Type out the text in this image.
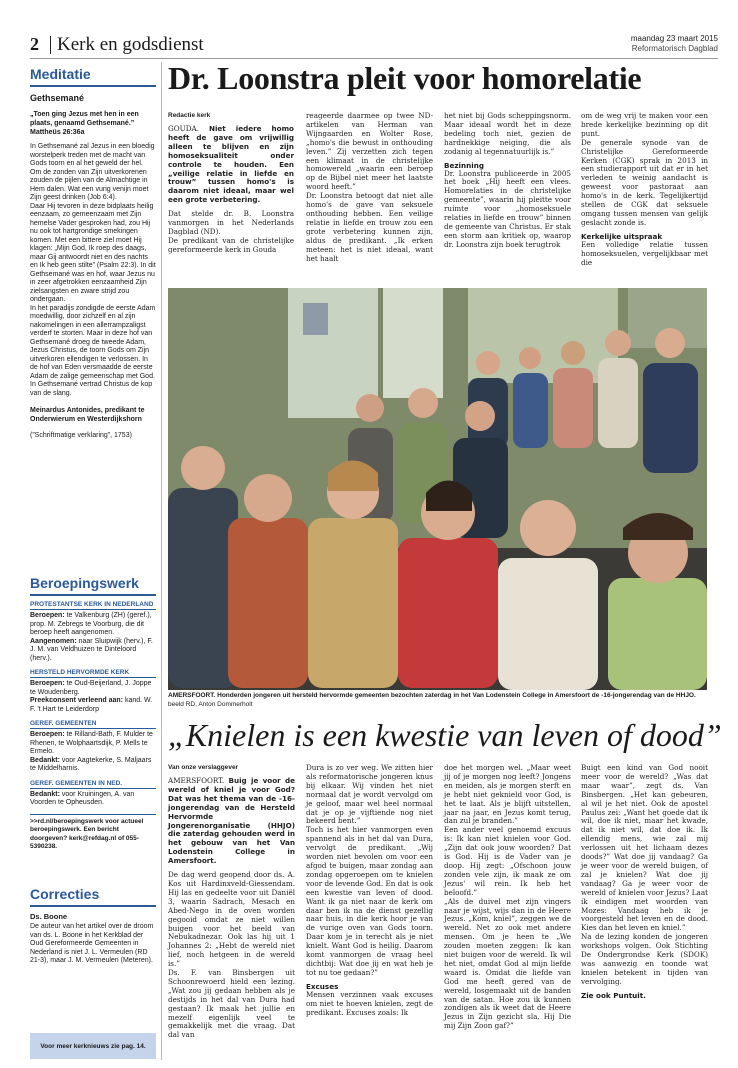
2 Kerk en godsdienst	maandag 23 maart 2015
Reformatorisch Dagblad
Meditatie
Gethsemané
„Toen ging Jezus met hen in een plaats, genaamd Gethsemané.” Mattheüs 26:36a

In Gethsemané zal Jezus in een bloedig worstelperk treden met de macht van Gods toorn en al het geweld der hel. Om de zonden van Zijn uitverkorenen zouden de pijlen van de Almachtige in Hem dalen. Wat een vurig venijn moet Zijn geest drinken (Job 6:4).

Daar Hij tevoren in deze bidplaats heilig eenzaam, zo gemeenzaam met Zijn hemelse Vader gesproken had, zou Hij nu ook tot hartgrondige smekingen komen. Met een bittere ziel moet Hij klagen: „Mijn God, Ik roep des daags, maar Gij antwoordt niet en des nachts en Ik heb geen stilte” (Psalm 22:3). In dit Gethsemané was en hof, waar Jezus nu in zeer afgetrokken eenzaamheid Zijn zielsangsten en zware strijd zou ondergaan.

In het paradijs zondigde de eerste Adam moedwillig, door zichzelf en al zijn nakomelingen in een allerrampzaligst verderf te storten. Maar in deze hof van Gethsemané droeg de tweede Adam, Jezus Christus, de toorn Gods om Zijn uitverkoren ellendigen te verlossen. In de hof van Eden versmaadde de eerste Adam de zalige gemeenschap met God. In Gethsemané vertrad Christus de kop van de slang.

Meinardus Antonides, predikant te Onderwierum en Westerdijkshorn
(”Schriftmatige verklaring”, 1753)
Beroepingswerk
PROTESTANTSE KERK IN NEDERLAND
Beroepen: te Valkenburg (ZH) (geref.), prop. M. Zebregs te Voorburg, die dit beroep heeft aangenomen.
Aangenomen: naar Sluipwijk (herv.), F. J. M. van Veldhuizen te Dinteloord (herv.).
HERSTELD HERVORMDE KERK
Beroepen: te Oud-Beijerland, J. Joppe te Woudenberg.
Preekconsent verleend aan: kand. W. F. 't Hart te Leiderdorp
GEREF. GEMEENTEN
Beroepen: te Rilland-Bath, F. Mulder te Rhenen, te Wolphaartsdijk, P. Mells te Ermelo.
Bedankt: voor Aagtekerke, S. Maljaars te Middelharnis.
GEREF. GEMEENTEN IN NED.
Bedankt: voor Kruiningen, A. van Voorden te Opheusden.
>>rd.nl/beroepingswerk voor actueel beroepingswerk. Een bericht doorgeven? kerk@refdag.nl of 055-5390238.
Correcties
Ds. Boone
De auteur van het artikel over de droom van ds. L. Boone in het Kerkblad der Oud Gereformeerde Gemeenten in Nederland is niet J. L. Vermeulen (RD 21-3), maar J. M. Vermeulen (Meteren).
Voor meer kerknieuws zie pag. 14.
Dr. Loonstra pleit voor homorelatie
Redactie kerk
GOUDA. Niet iedere homo heeft de gave om vrijwillig alleen te blijven en zijn homoseksualiteit onder controle te houden. Een „veilige relatie in liefde en trouw” tussen homo's is daarom niet ideaal, maar wel een grote verbetering.

Dat stelde dr. B. Loonstra vanmorgen in het Nederlands Dagblad (ND).

De predikant van de christelijke gereformeerde kerk in Gouda

reageerde daarmee op twee ND-artikelen van Herman van Wijngaarden en Wolter Rose, „homo's die bewust in onthouding leven.” Zij verzetten zich tegen een klimaat in de christelijke homowereld „waarin een beroep op de Bijbel niet meer het laatste woord heeft.”

Dr. Loonstra betoogt dat niet alle homo's de gave van seksuele onthouding hebben. Een veilige relatie in liefde en trouw zou een grote verbetering kunnen zijn, aldus de predikant. „Ik erken meteen: het is niet ideaal, want het haalt

het niet bij Gods scheppingsnorm. Maar ideaal wordt het in deze bedeling toch niet, gezien de hardnekkige neiging, die als zodanig al tegennatuurlijk is.”

Bezinning

Dr. Loonstra publiceerde in 2005 het boek „Hij heeft een vlees. Homorelaties in de christelijke gemeente”, waarin hij pleitte voor ruimte voor „homoseksuele relaties in liefde en trouw” binnen de gemeente van Christus. Er stak een storm aan kritiek op, waarop dr. Loonstra zijn boek terugtrok

om de weg vrij te maken voor een brede kerkelijke bezinning op dit punt.

De generale synode van de Christelijke Gereformeerde Kerken (CGK) sprak in 2013 in een studierapport uit dat er in het verleden te weinig aandacht is geweest voor pastoraat aan homo's in de kerk. Tegelijkertijd stellen de CGK dat seksuele omgang tussen mensen van gelijk geslacht zonde is.

Kerkelijke uitspraak

Een volledige relatie tussen homoseksuelen, vergelijkbaar met die

AMERSFOORT. Honderden jongeren uit hersteld hervormde gemeenten bezochten zaterdag in het Van Lodenstein College in Amersfoort de -16-jongerendag van de HHJO. beeld RD, Anton Dommerholt
„Knielen is een kwestie van leven of dood”
Van onze verslaggever
AMERSFOORT. Buig je voor de wereld of kniel je voor God? Dat was het thema van de -16-jongerendag van de Hersteld Hervormde Jongerenorganisatie (HHJO) die zaterdag gehouden werd in het gebouw van het Van Lodenstein College in Amersfoort.

De dag werd geopend door ds. A. Kos uit Hardinxveld-Giessendam. Hij las en gedeelte voor uit Daniël 3, waarin Sadrach, Mesach en Abed-Nego in de oven worden gegooid omdat ze niet willen buigen voor het beeld van Nebukadnezar. Ook las hij uit 1 Johannes 2: „Hebt de wereld niet lief, noch hetgeen in de wereld is.”

Ds. F. van Binsbergen uit Schoonrewoerd hield een lezing. „Wat zou jij gedaan hebben als je destijds in het dal van Dura had gestaan? Ik maak het jullie en mezelf eigenlijk veel te gemakkelijk met die vraag. Dat dal van

Dura is zo ver weg. We zitten hier als reformatorische jongeren knus bij elkaar. Wij vinden het niet normaal dat je wordt vervolgd om je geloof, maar wel heel normaal dat je op je vijftiende nog niet bekeerd bent.”

Toch is het hier vanmorgen even spannend als in het dal van Dura, vervolgt de predikant. „Wij worden niet bevolen om voor een afgod te buigen, maar zondag aan zondag opgeroepen om te knielen voor de levende God. En dat is ook een kwestie van leven of dood. Want ik ga niet naar de kerk om daar ben ik na de dienst gezellig naar huis, in die kerk hoor je van de vurige oven van Gods toorn. Daar kom je in terecht als je niet knielt. Want God is heilig. Daarom komt vanmorgen de vraag heel dichtbij: Wat doe jij en wat heb je tot nu toe gedaan?”

Excuses

Mensen verzinnen vaak excuses om niet te hoeven knielen, zegt de predikant. Excuses zoals: Ik

doe het morgen wel. „Maar weet jij of je morgen nog leeft? Jongens en meiden, als je morgen sterft en je hebt niet geknield voor God, is het te laat. Als je blijft uitstellen, jaar na jaar, en Jezus komt terug, dan zul je branden.”

Een ander veel genoemd excuus is: Ik kan niet knielen voor God. „Zijn dat ook jouw woorden? Dat is God. Hij is de Vader van je doop. Hij zegt: „Ofschoon jouw zonden vele zijn, ik maak ze om Jezus' wil rein. Ik heb het beloofd.”

„Als de duivel met zijn vingers naar je wijst, wijs dan in de Heere Jezus. „Kom, kniel”, zeggen we de wereld. Net zo ook met andere mensen. Om je heen te „We zouden moeten zeggen: Ik kan niet buigen voor de wereld. Ik wil het niet, omdat God al mijn liefde waard is. Omdat die liefde van God me heeft gered van de wereld, losgemaakt uit de banden van de satan. Hoe zou ik kunnen zondigen als ik weet dat de Heere Jezus in Zijn gezicht sla, Hij Die mij Zijn Zoon gaf?”

Buigt een kind van God nooit meer voor de wereld? „Was dat maar waar”, zegt ds. Van Binsbergen. „Het kan gebeuren, al wil je het niet. Ook de apostel Paulus zei: „Want het goede dat ik wil, doe ik niet, maar het kwade, dat ik niet wil, dat doe ik. Ik ellendig mens, wie zal mij verlossen uit het lichaam dezes doods?” Wat doe jij vandaag? Ga je weer voor de wereld buigen, of zal je knielen? Wat doe jij vandaag? Ga je weer voor de wereld of knielen voor Jezus? Laat ik eindigen met woorden van Mozes: Vandaag heb ik je voorgesteld het leven en de dood. Kies dan het leven en kniel.”

Na de lezing konden de jongeren workshops volgen. Ook Stichting De Ondergrondse Kerk (SDOK) was aanwezig en toonde wat knielen betekent in tijden van vervolging.

Zie ook Puntuit.
